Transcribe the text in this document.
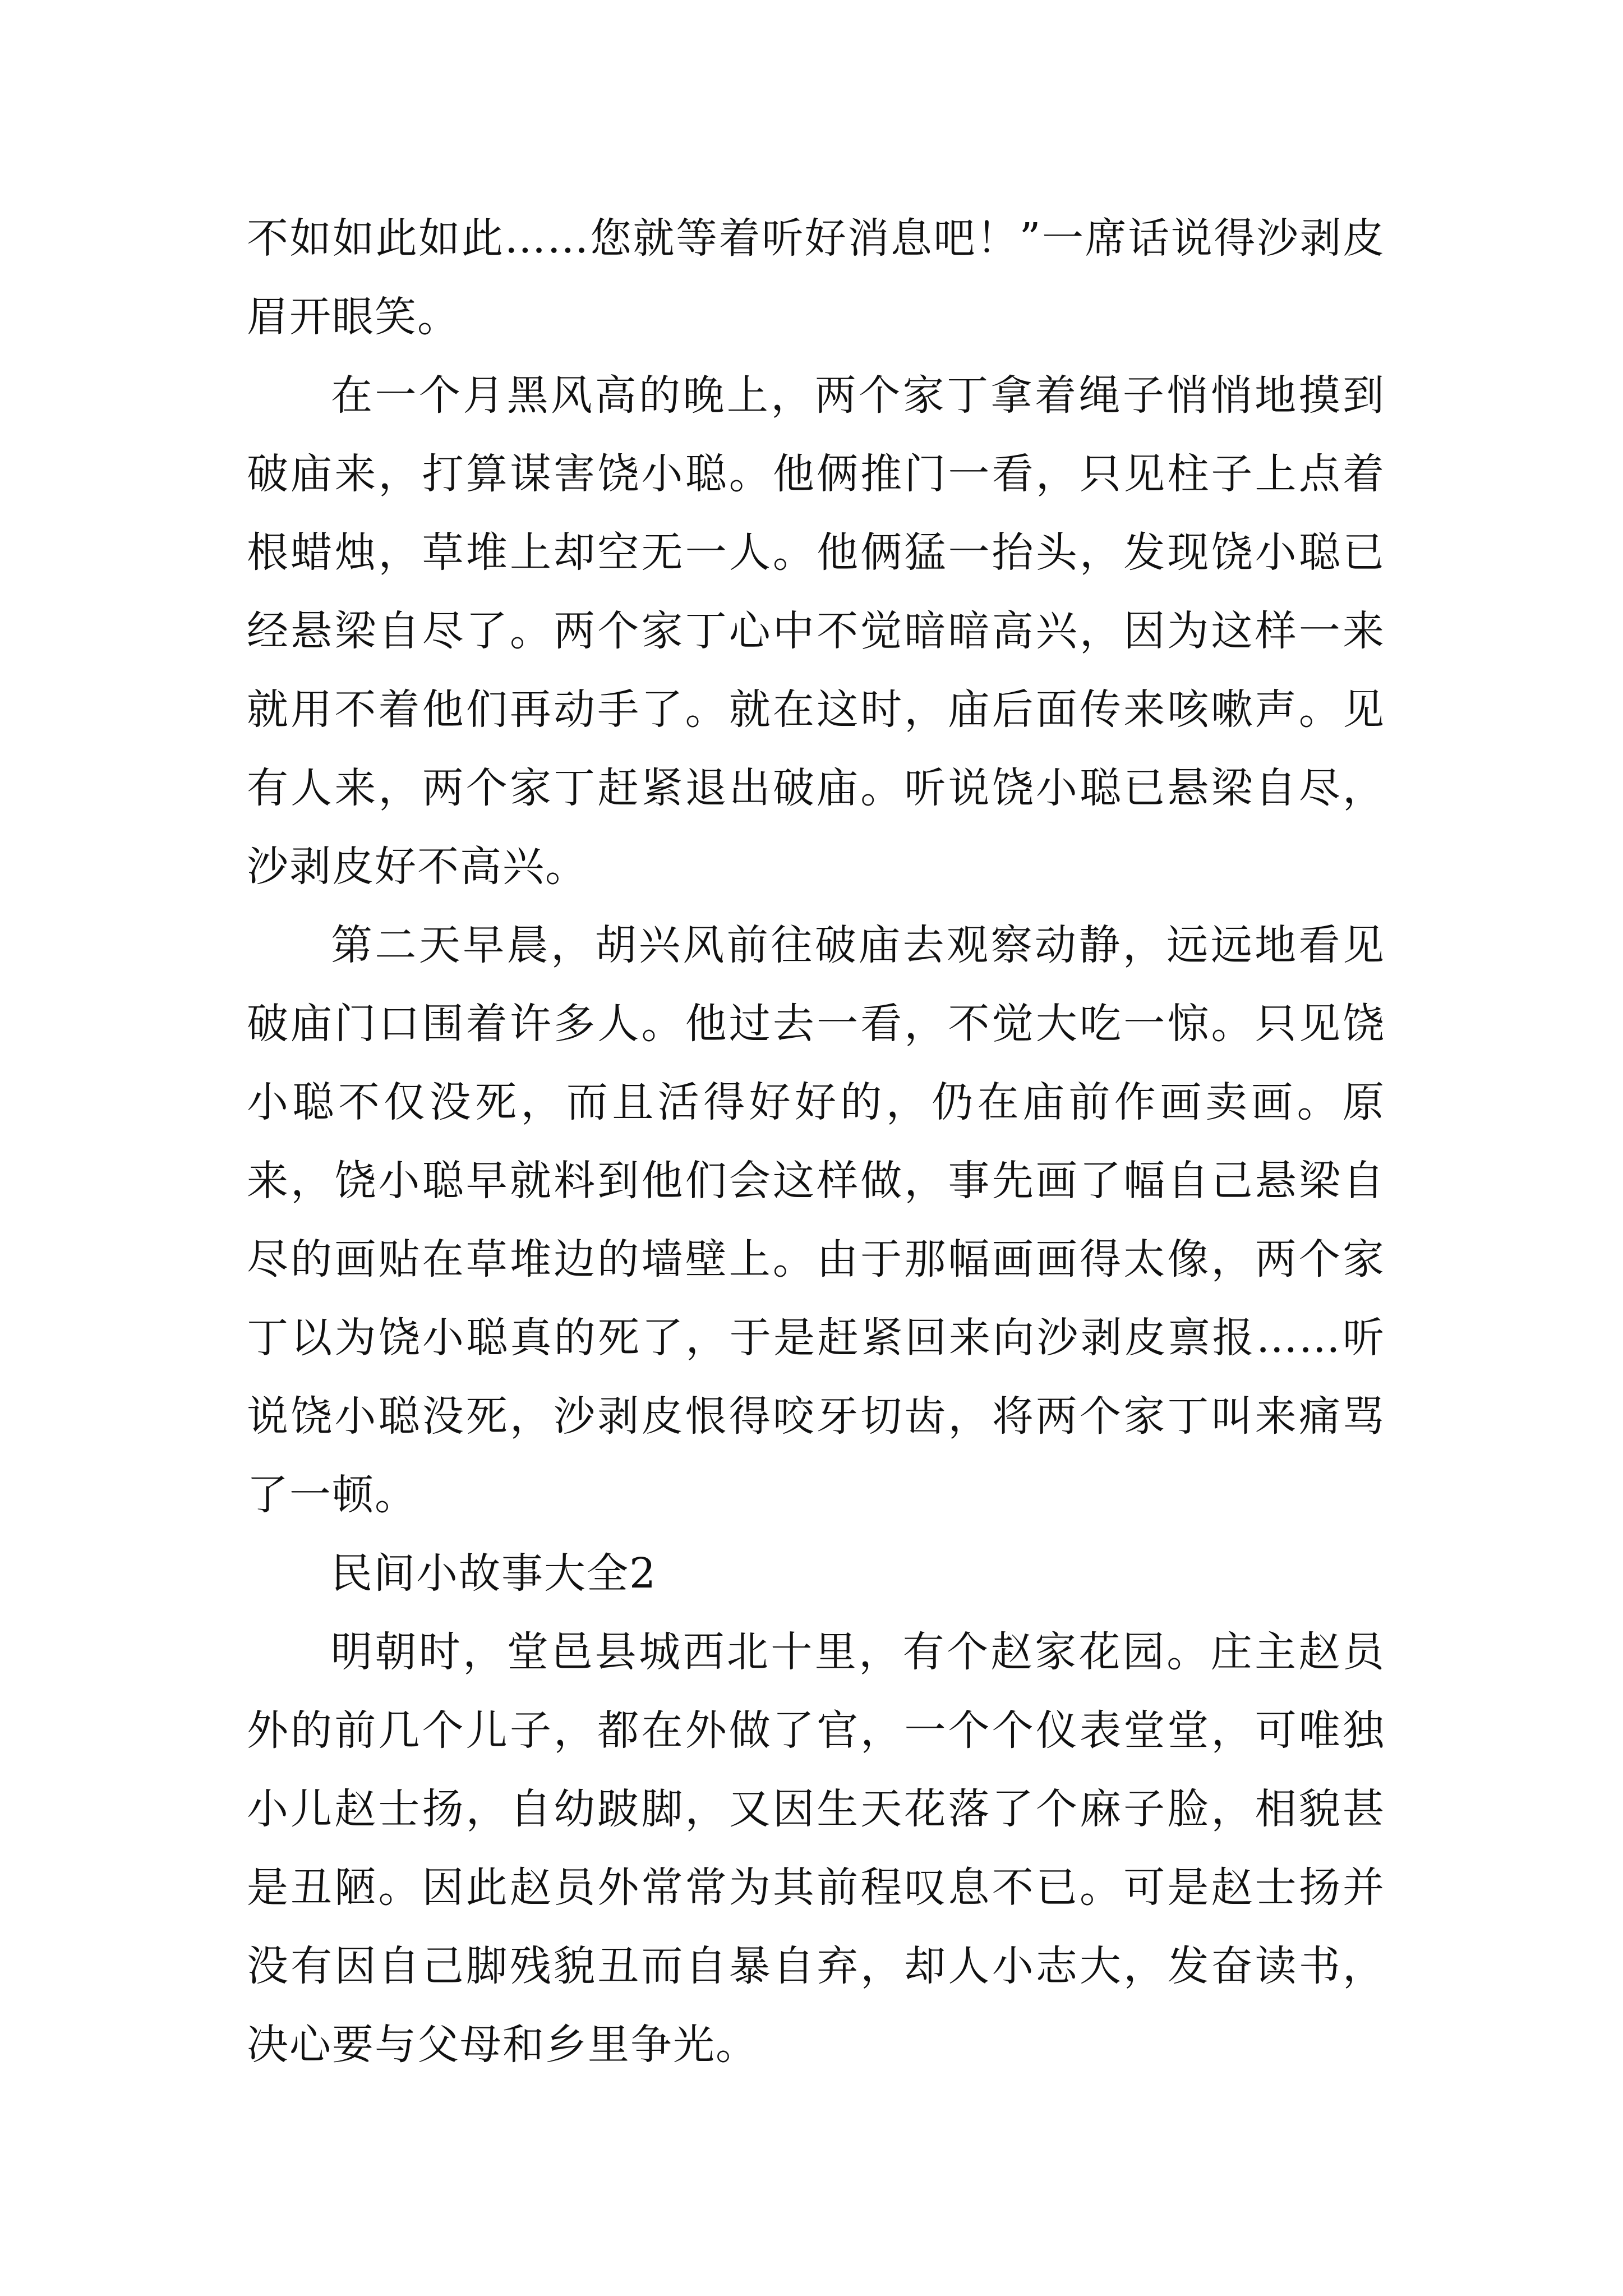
不如如此如此……您就等着听好消息吧！”一席话说得沙剥皮眉开眼笑。

在一个月黑风高的晚上，两个家丁拿着绳子悄悄地摸到破庙来，打算谋害饶小聪。他俩推门一看，只见柱子上点着根蜡烛，草堆上却空无一人。他俩猛一抬头，发现饶小聪已经悬梁自尽了。两个家丁心中不觉暗暗高兴，因为这样一来就用不着他们再动手了。就在这时，庙后面传来咳嗽声。见有人来，两个家丁赶紧退出破庙。听说饶小聪已悬梁自尽，沙剥皮好不高兴。

第二天早晨，胡兴风前往破庙去观察动静，远远地看见破庙门口围着许多人。他过去一看，不觉大吃一惊。只见饶小聪不仅没死，而且活得好好的，仍在庙前作画卖画。原来，饶小聪早就料到他们会这样做，事先画了幅自己悬梁自尽的画贴在草堆边的墙壁上。由于那幅画画得太像，两个家丁以为饶小聪真的死了，于是赶紧回来向沙剥皮禀报……听说饶小聪没死，沙剥皮恨得咬牙切齿，将两个家丁叫来痛骂了一顿。

民间小故事大全2

明朝时，堂邑县城西北十里，有个赵家花园。庄主赵员外的前几个儿子，都在外做了官，一个个仪表堂堂，可唯独小儿赵士扬，自幼跛脚，又因生天花落了个麻子脸，相貌甚是丑陋。因此赵员外常常为其前程叹息不已。可是赵士扬并没有因自己脚残貌丑而自暴自弃，却人小志大，发奋读书，决心要与父母和乡里争光。
